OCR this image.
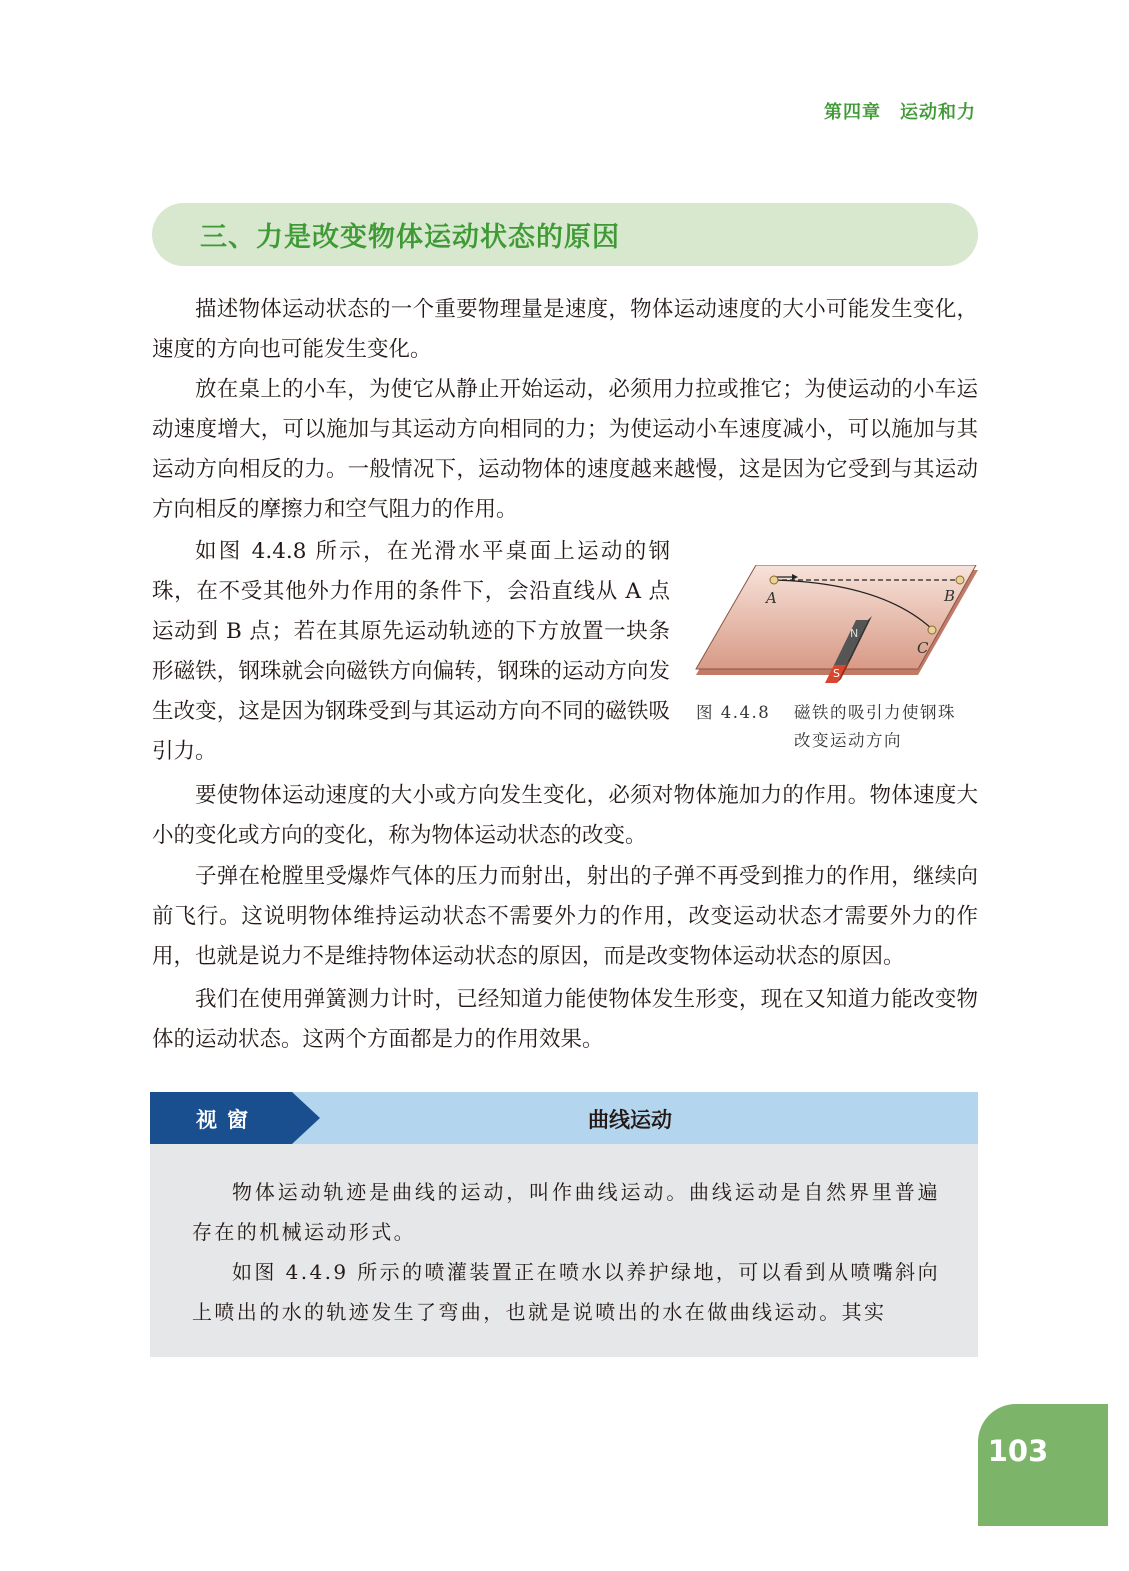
第四章　运动和力
三、力是改变物体运动状态的原因

描述物体运动状态的一个重要物理量是速度，物体运动速度的大小可能发生变化，速度的方向也可能发生变化。

放在桌上的小车，为使它从静止开始运动，必须用力拉或推它；为使运动的小车运动速度增大，可以施加与其运动方向相同的力；为使运动小车速度减小，可以施加与其运动方向相反的力。一般情况下，运动物体的速度越来越慢，这是因为它受到与其运动方向相反的摩擦力和空气阻力的作用。

如图 4.4.8 所示，在光滑水平桌面上运动的钢珠，在不受其他外力作用的条件下，会沿直线从 A 点运动到 B 点；若在其原先运动轨迹的下方放置一块条形磁铁，钢珠就会向磁铁方向偏转，钢珠的运动方向发生改变，这是因为钢珠受到与其运动方向不同的磁铁吸引力。

A	B
C
N
S
图 4.4.8 磁铁的吸引力使钢珠
改变运动方向

要使物体运动速度的大小或方向发生变化，必须对物体施加力的作用。物体速度大小的变化或方向的变化，称为物体运动状态的改变。

子弹在枪膛里受爆炸气体的压力而射出，射出的子弹不再受到推力的作用，继续向前飞行。这说明物体维持运动状态不需要外力的作用，改变运动状态才需要外力的作用，也就是说力不是维持物体运动状态的原因，而是改变物体运动状态的原因。

我们在使用弹簧测力计时，已经知道力能使物体发生形变，现在又知道力能改变物体的运动状态。这两个方面都是力的作用效果。

视窗	曲线运动

物体运动轨迹是曲线的运动，叫作曲线运动。曲线运动是自然界里普遍存在的机械运动形式。

如图 4.4.9 所示的喷灌装置正在喷水以养护绿地，可以看到从喷嘴斜向上喷出的水的轨迹发生了弯曲，也就是说喷出的水在做曲线运动。其实

103
